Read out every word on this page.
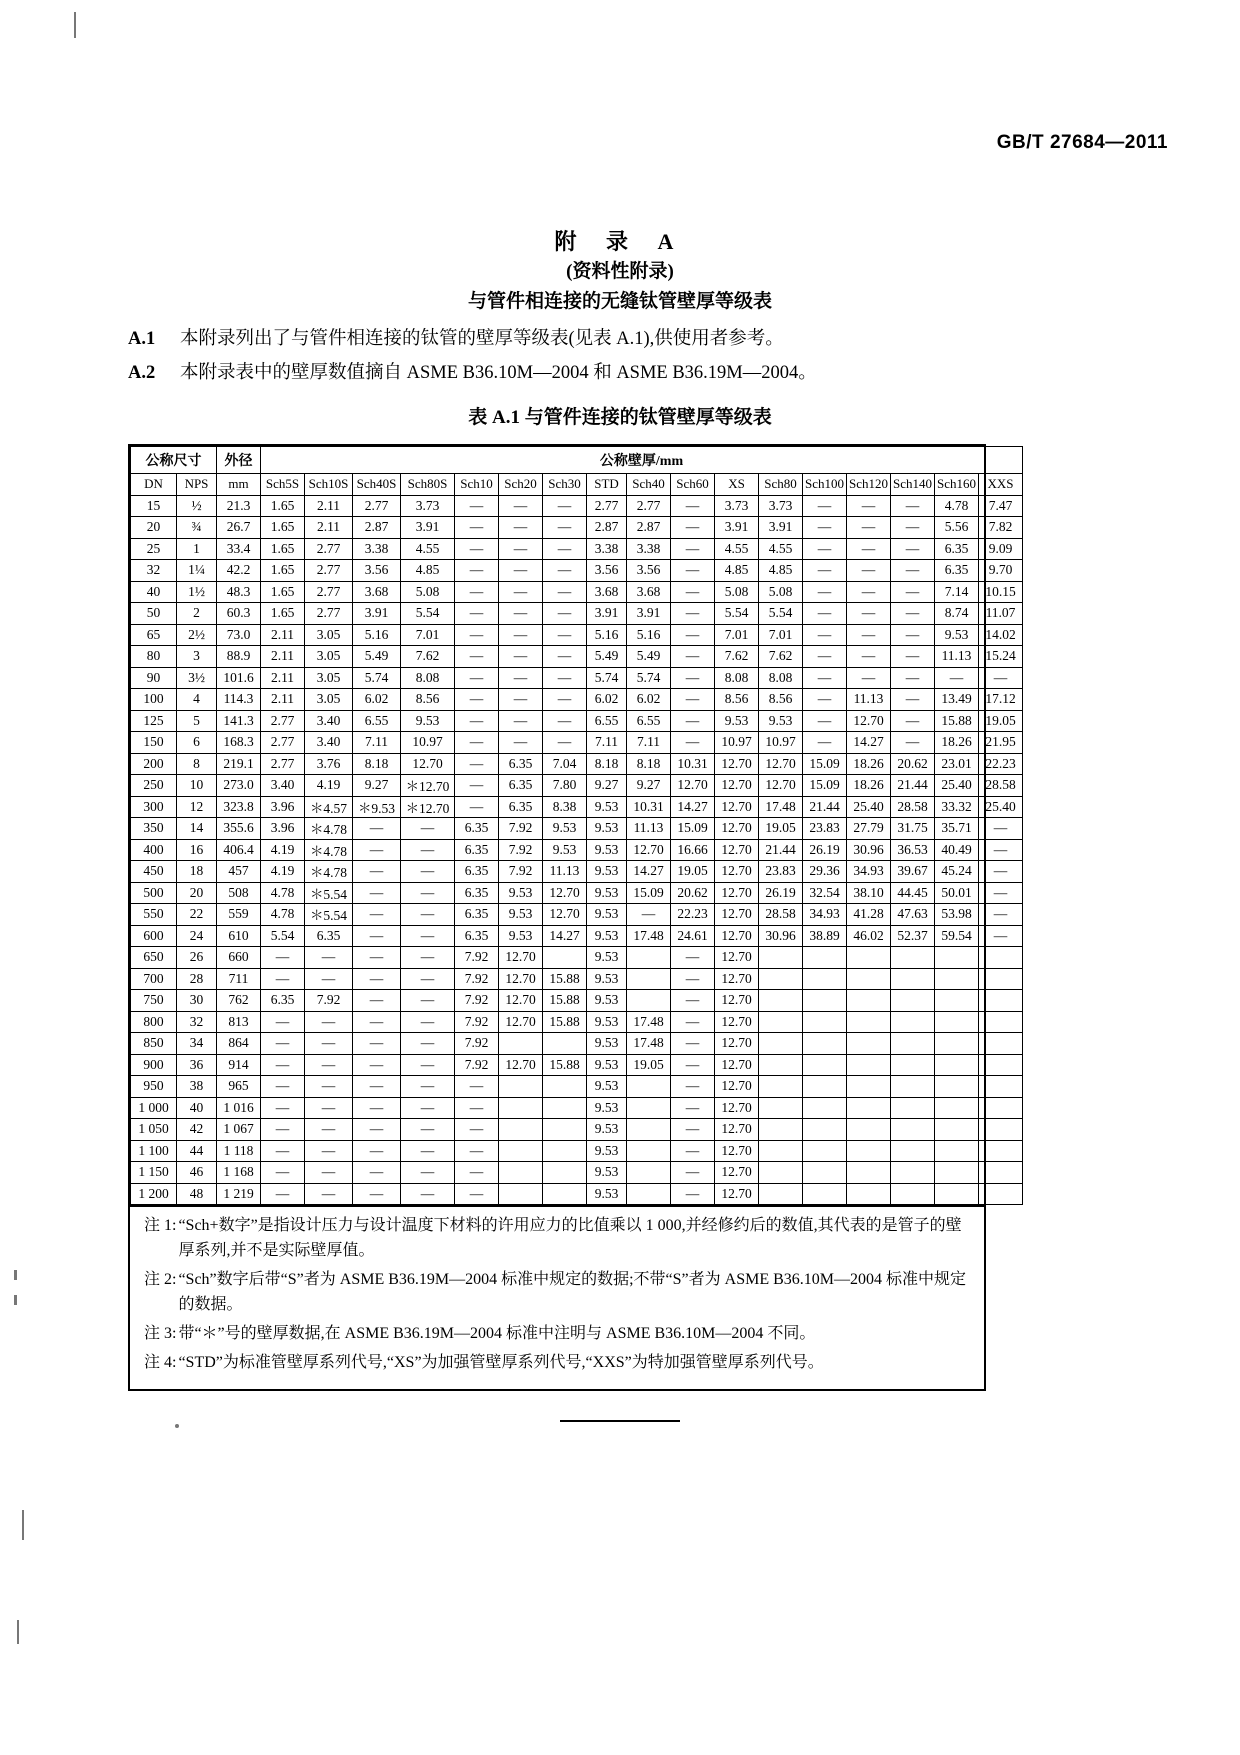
GB/T 27684—2011
附 录 A
(资料性附录)
与管件相连接的无缝钛管壁厚等级表
A.1 本附录列出了与管件相连接的钛管的壁厚等级表(见表 A.1),供使用者参考。
A.2 本附录表中的壁厚数值摘自 ASME B36.10M—2004 和 ASME B36.19M—2004。
表 A.1 与管件连接的钛管壁厚等级表
公称尺寸		外径	公称壁厚/mm																	
DN	NPS	mm	Sch5S	Sch10S	Sch40S	Sch80S	Sch10	Sch20	Sch30	STD	Sch40	Sch60	XS	Sch80	Sch100	Sch120	Sch140	Sch160	XXS	
15	½	21.3	1.65	2.11	2.77	3.73	—	—	—	2.77	2.77	—	3.73	3.73	—	—	—	4.78	7.47	
20	¾	26.7	1.65	2.11	2.87	3.91	—	—	—	2.87	2.87	—	3.91	3.91	—	—	—	5.56	7.82	
25	1	33.4	1.65	2.77	3.38	4.55	—	—	—	3.38	3.38	—	4.55	4.55	—	—	—	6.35	9.09	
32	1¼	42.2	1.65	2.77	3.56	4.85	—	—	—	3.56	3.56	—	4.85	4.85	—	—	—	6.35	9.70	
40	1½	48.3	1.65	2.77	3.68	5.08	—	—	—	3.68	3.68	—	5.08	5.08	—	—	—	7.14	10.15	
50	2	60.3	1.65	2.77	3.91	5.54	—	—	—	3.91	3.91	—	5.54	5.54	—	—	—	8.74	11.07	
65	2½	73.0	2.11	3.05	5.16	7.01	—	—	—	5.16	5.16	—	7.01	7.01	—	—	—	9.53	14.02	
80	3	88.9	2.11	3.05	5.49	7.62	—	—	—	5.49	5.49	—	7.62	7.62	—	—	—	11.13	15.24	
90	3½	101.6	2.11	3.05	5.74	8.08	—	—	—	5.74	5.74	—	8.08	8.08	—	—	—	—	—	
100	4	114.3	2.11	3.05	6.02	8.56	—	—	—	6.02	6.02	—	8.56	8.56	—	11.13	—	13.49	17.12	
125	5	141.3	2.77	3.40	6.55	9.53	—	—	—	6.55	6.55	—	9.53	9.53	—	12.70	—	15.88	19.05	
150	6	168.3	2.77	3.40	7.11	10.97	—	—	—	7.11	7.11	—	10.97	10.97	—	14.27	—	18.26	21.95	
200	8	219.1	2.77	3.76	8.18	12.70	—	6.35	7.04	8.18	8.18	10.31	12.70	12.70	15.09	18.26	20.62	23.01	22.23	
250	10	273.0	3.40	4.19	9.27	＊12.70	—	6.35	7.80	9.27	9.27	12.70	12.70	12.70	15.09	18.26	21.44	25.40	28.58	
300	12	323.8	3.96	＊4.57	＊9.53	＊12.70	—	6.35	8.38	9.53	10.31	14.27	12.70	17.48	21.44	25.40	28.58	33.32	25.40	
350	14	355.6	3.96	＊4.78	—	—	6.35	7.92	9.53	9.53	11.13	15.09	12.70	19.05	23.83	27.79	31.75	35.71	—	
400	16	406.4	4.19	＊4.78	—	—	6.35	7.92	9.53	9.53	12.70	16.66	12.70	21.44	26.19	30.96	36.53	40.49	—	
450	18	457	4.19	＊4.78	—	—	6.35	7.92	11.13	9.53	14.27	19.05	12.70	23.83	29.36	34.93	39.67	45.24	—	
500	20	508	4.78	＊5.54	—	—	6.35	9.53	12.70	9.53	15.09	20.62	12.70	26.19	32.54	38.10	44.45	50.01	—	
550	22	559	4.78	＊5.54	—	—	6.35	9.53	12.70	9.53	—	22.23	12.70	28.58	34.93	41.28	47.63	53.98	—	
600	24	610	5.54	6.35	—	—	6.35	9.53	14.27	9.53	17.48	24.61	12.70	30.96	38.89	46.02	52.37	59.54	—	
650	26	660	—	—	—	—	7.92	12.70		9.53		—	12.70							
700	28	711	—	—	—	—	7.92	12.70	15.88	9.53		—	12.70							
750	30	762	6.35	7.92	—	—	7.92	12.70	15.88	9.53		—	12.70							
800	32	813	—	—	—	—	7.92	12.70	15.88	9.53	17.48	—	12.70							
850	34	864	—	—	—	—	7.92			9.53	17.48	—	12.70							
900	36	914	—	—	—	—	7.92	12.70	15.88	9.53	19.05	—	12.70							
950	38	965	—	—	—	—	—			9.53		—	12.70							
1 000	40	1 016	—	—	—	—	—			9.53		—	12.70							
1 050	42	1 067	—	—	—	—	—			9.53		—	12.70							
1 100	44	1 118	—	—	—	—	—			9.53		—	12.70							
1 150	46	1 168	—	—	—	—	—			9.53		—	12.70							
1 200	48	1 219	—	—	—	—	—			9.53		—	12.70							
注 1: “Sch+数字”是指设计压力与设计温度下材料的许用应力的比值乘以 1 000,并经修约后的数值,其代表的是管子的壁厚系列,并不是实际壁厚值。
注 2: “Sch”数字后带“S”者为 ASME B36.19M—2004 标准中规定的数据;不带“S”者为 ASME B36.10M—2004 标准中规定的数据。
注 3: 带“＊”号的壁厚数据,在 ASME B36.19M—2004 标准中注明与 ASME B36.10M—2004 不同。
注 4: “STD”为标准管壁厚系列代号,“XS”为加强管壁厚系列代号,“XXS”为特加强管壁厚系列代号。
